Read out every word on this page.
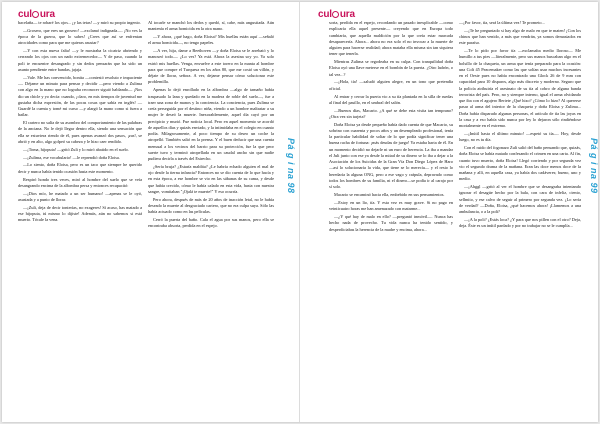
cul ura

bacelaña— te robaré los ojos... ¡y las tetas! —y miró su propio ingenio.

—Grosero, que eres un grosero! —exclamó indignada—. ¡No ves la época de la guerra, que lo sabes! ¿Crees que así se enfrentan atrocidades como para que me quieras asustar?

—Y con esta nueva falta! —y le mostraba la cicatriz abriendo y cerrando los ojos con un nado extremecedor— Y de paso, cuando la poli te encuentre desangrado y sin dedos pensarán que ha sido un asunto pendiente entre bandas, jajaja.

—Vale. Me has convencido, bonita —contestó resoluto e impaciente—. Déjame un minuto para pensar y decidir —pero viendo a Zulima con algo en la mano que no lograba reconocer siguió hablando— ¡Nos dio un chicle y yo decía: cuando, ¡claro, en mis tiempos de juventud me gustaba dicha expresión, de las pocas cosas que sabía en inglés! —Guardé la cuenta y tomé mi curso —y alargó la mano como si fuera a bailar.

El cartero no salía de su asombro del comportamiento de las palabras de la anciana. No le dejó llegar dentro ella, siendo una sensación que ella se estuviera riendo de él, pues apenas avanzó dos pasos, ¡zas!, se abrió y en alto, algo golpeó su cabeza y le hizo caer rendido.

—¡Toma, hijoputa! —gritó Zuli y lo miró abatido en el suelo.

—¡Zulima, ese vocabulario! —le reprendió doña Eloisa.

—Lo siento, doña Eloisa, pero es un taco que siempre he querido decir y nunca había tenido ocasión hasta este momento.

Respiró hondo tres veces, miró al hombre del suelo que se veía desangrando encima de la alfombra persa y entonces recapacitó:

—¡Dios mío, he matado a un ser humano! —apenas se le oyó, asustada y a punto de llorar.

—¡Zuli, deja de decir tonterías, no exageres! Sí acaso, has matado a ese hijoputa, tú mismo lo dijiste! Además, aún no sabemos si está muerto. Tócale la vena.

Al tocarle se manchó los dedos y quedó, sí, cabe, más angustiada. Aún mantenía el arma homicida en la otra mano.

—Y ahora, ¿qué hago, doña Eloisa? Mis huellas están aquí —señaló el arma homicida—, no tengo papeles.

—A ver, hija, dame a Beethoven —y doña Eloisa se le arrebató y lo manoseó todo—. ¿Lo ves? Ya está. Ahora la asesina soy yo. Ya solo estrió mis huellas. Venga, envuelve a este torero en la manta al hombre para que compre el Turquesa en los años 80, que me costó un villón, y déjate de llorar, señora. A ver, dejame pensar cómo solucionar este problemilla.

Apenas lo dejó enrollado en la alfombra —algo de tamaño había traspasado la lana y quedado en la madera de roble del suelo—, fue a traer una zona de manos y la conciencia. La conciencia, pues Zulima se creía perseguida por el destino: niña, viendo a un hombre maltratar a su mujer le deseó la muerte. Inexorablemente, aquel día cayó por un precipicio y murió. Fue noticia local. Pero en aquel momento se acordó de aquellos días y quizás enviado, y la intimidaba en el colegio en cuanto podía. Milagrosamente, al poco tiempo de su deseo un coche la atropelló. También salió en la prensa. Y el buen deducir que una cuenta mensual a los vecinos del barrio para su protección, fue la que peor suerte tuvo y terminó atropellada en un caudal ancho sin que nadie pudiera decirla a través del Estrecho.

¿Sería bruja? ¿Estaría maldita? ¿Le habría echado alguien el mal de ojo desde la tierna infancia? Entonces no se dio cuenta de lo que hacía y en esta época, a ese hombre se vio en las sábanas de su cama, y desde que había crecido, cómo le había calado en esta vida, hasta con nuestra sangre, vomitaban "¡Ojalá te muerte!" Y eso ocurría.

Pero ahora, después de más de 20 años de inacción letal, no le había deseado la muerte al desgraciado cartero, que no era culpa suya. Sólo las había actuado como en las películas.

Cerró la puerta del baño. Cala el agua por sus manos, pero ella se encontraba absorta, perdida en el espejo.

Pá g i na 98
cul ura

sorta, perdida en el espejo, recordando un pasado inexplicable —como explicaría ella aquel presente— creyendo que en Europa todo cambiaría, que aquella maldición por la que creía estar marcada desaparecería. Ahora... ahora no era solo el no invocar a la muerte de alguien para hacerse realidad; ahora mataba ella misma sin tan siquiera tener que tenerla.

Mientras Zulima se regodeaba en su culpa. Con tranquilidad doña Eloisa oyó una llave meterse en el bombín de la puerta. ¿Otro ladrón, o tal vez...?

—¡Hola, tía! —saludó alguien alegre, en un tono que pretendía oficial.

Al entrar y cerrar la puerta vio a su tía plantada en la silla de ruedas al final del pasillo, en el umbral del salón.

—Buenos días, Macario. ¿A qué se debe esta visita tan temprano? ¿Otra vez sin tarjeta?

Doña Eloisa ya desde pequeño había dado cuenta de que Macario, su sobrino con cuarenta y pocos años y un desempleado profesional, tenía la particular habilidad de soltar de lo que podía significar tener una buena racha de fortuna: ¡más deudas de juego! Ya estaba harta de él. En un momento decidió no dejarle ni un euro de herencia. La iba a mandar el Juli junto con ese ya desde la mitad de su dinero se lo iba a dejar a la Asociación de los Suicidas de la Gran Vía Don Diego López de Haro —así lo solucionaría la vida, que tiene se lo merecía— y el resto lo heredaría la alguna ONG, pero a ese vago y crápula, depravado como todos los hombres de su familia, ni el dinero—se podía ir al carajo por sí solo.

Macario se encaminó hacia ella, embebido en sus pensamientos.

—Estoy en un lío, tía. Y esta vez es muy grave. Si no pago en veinticuatro horas me han amenazado con matarme...

—¿Y qué hay de malo en ello? —preguntó inmóvil—. Nunca has hecho nada de provecho. Tu vida nunca ha tenido sentido, y desperdiciabas la herencia de la madre y encima, ahora...

—¡Por favor, tía, será la última vez! Te prometo...

—¡Te he preguntado si hay algo de malo en que te maten! ¡Con los chinos que han venido, a más que vendrán, ya somos demasiados en este paraíso.

—Te lo pido por favor tía —exclamaba medio lloroso— Me humillo a tus pies —literalmente, pero sus manos buscaban algo en el bolsillo de la chaqueta, un arma que tenía preparado para la ocasión: una Colt 45 Peacemaker como las que solían usar muchos incesantes en el Oeste pues no había encontrado una Glock 26 de 9 mm con capacidad para 10 disparos, algo más discreto y moderno. Seguro que la policía atribuiría el asesinato de su tía al cobro de alguna banda terrorista del país. Pero, no y siempre interno, igual el arma olvidando que iba con el agujero Bertete ¿Qué hizo? ¿Cómo lo hizo? Al quererse pasar al arma del interior de la chaqueta y doña Eloisa y Zulima... Doña había disparado algunas personas, el artículo de tía las joyas en la casa y a eso había sido nunca por ley lo dejaron sólo rindiéndose mortalmente en el extremo.

—¡Inútil hasta el último minuto! —espetó su tía—. Hoy, desde luego, no es tu día.

Con el ruido del fogonazo Zuli salió del baño pensando que, quizás, doña Eloisa se había matado confesando el crimen en una carta. Al fin, cuanto tuvo muerto, doña Eloisa! Llegó corriendo y por segunda vez vio el segundo drama de la mañana. Eran las doce menos doce de la mañana y allí, en aquella casa, ya había dos cadáveres; bueno, uno y medio.

—¡Ahggl —gritó al ver el hombre que se desangraba intentando ignorar el desagüe hecho por la bala, con cara de infeliz, ciento, sellmito, y ese calvo de seguir al primero por segunda vez. ¿Lo sería de verdad? —Doña, Eloisa, ¿qué hacemos ahora! ¡Llamemos a una ambulancia, o a la poli?

—¡A la poli? ¿Estás loca? ¿Y para que nos pillen con el otro? Deja, deja. Éste es un inútil pardado y por no trabajar no se le cumplía...

Pá g i na 99
